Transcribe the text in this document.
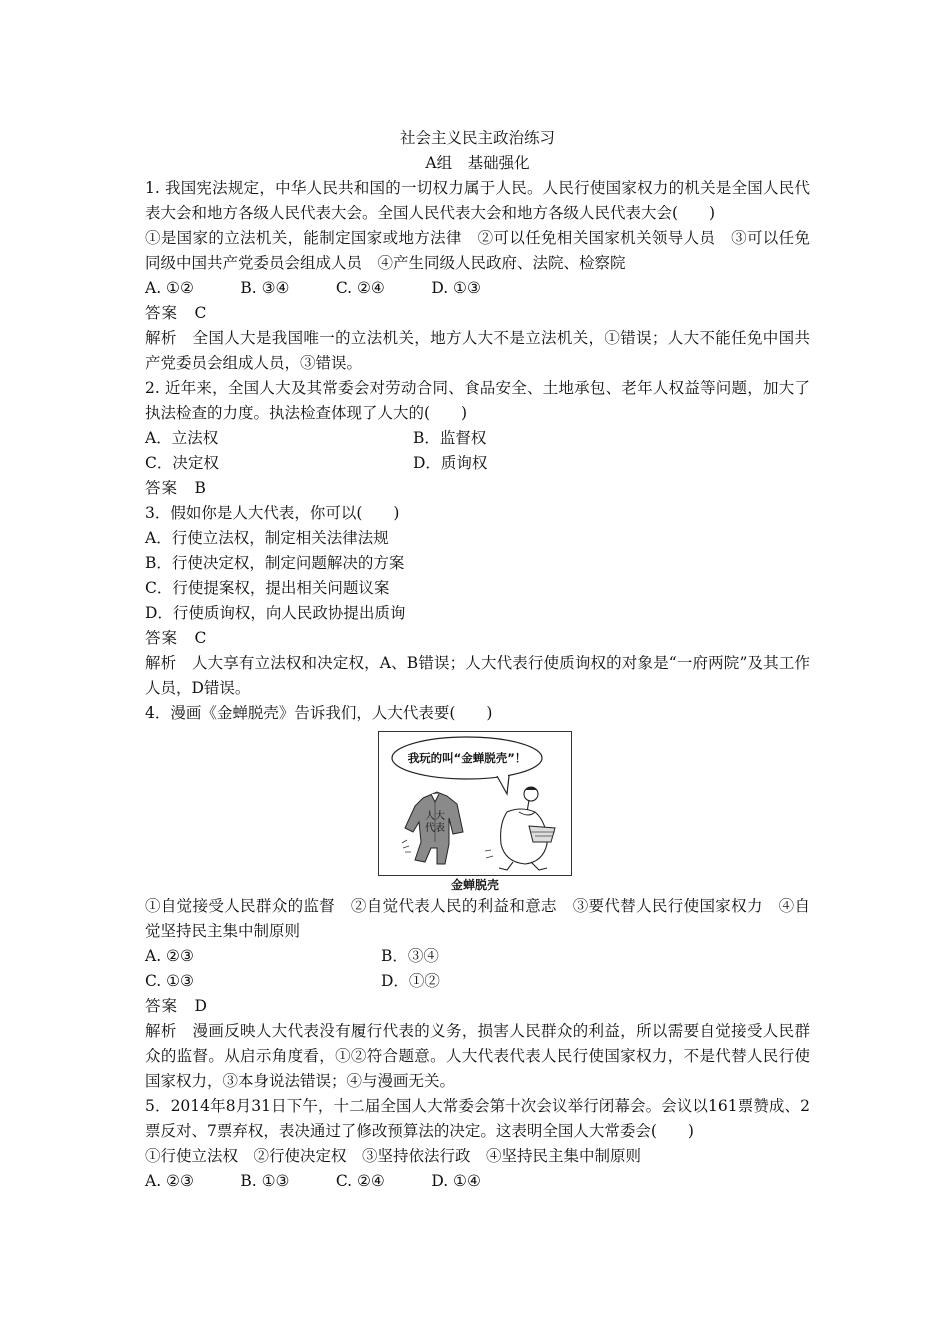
社会主义民主政治练习
A组　基础强化
1. 我国宪法规定，中华人民共和国的一切权力属于人民。人民行使国家权力的机关是全国人民代表大会和地方各级人民代表大会。全国人民代表大会和地方各级人民代表大会(　　)
①是国家的立法机关，能制定国家或地方法律　②可以任免相关国家机关领导人员　③可以任免同级中国共产党委员会组成人员　④产生同级人民政府、法院、检察院
A. ①②　　　B. ③④　　　C. ②④　　　D. ①③
答案　C
解析　全国人大是我国唯一的立法机关，地方人大不是立法机关，①错误；人大不能任免中国共产党委员会组成人员，③错误。
2. 近年来，全国人大及其常委会对劳动合同、食品安全、土地承包、老年人权益等问题，加大了执法检查的力度。执法检查体现了人大的(　　)
A．立法权	B．监督权
C．决定权	D．质询权
答案　B
3．假如你是人大代表，你可以(　　)
A．行使立法权，制定相关法律法规
B．行使决定权，制定问题解决的方案
C．行使提案权，提出相关问题议案
D．行使质询权，向人民政协提出质询
答案　C
解析　人大享有立法权和决定权，A、B错误；人大代表行使质询权的对象是“一府两院”及其工作人员，D错误。
4．漫画《金蝉脱壳》告诉我们，人大代表要(　　)
我玩的叫“金蝉脱壳”！
人大
代表
金蝉脱壳
①自觉接受人民群众的监督　②自觉代表人民的利益和意志　③要代替人民行使国家权力　④自觉坚持民主集中制原则
A. ②③	B．③④
C. ①③	D．①②
答案　D
解析　漫画反映人大代表没有履行代表的义务，损害人民群众的利益，所以需要自觉接受人民群众的监督。从启示角度看，①②符合题意。人大代表代表人民行使国家权力，不是代替人民行使国家权力，③本身说法错误；④与漫画无关。
5．2014年8月31日下午，十二届全国人大常委会第十次会议举行闭幕会。会议以161票赞成、2票反对、7票弃权，表决通过了修改预算法的决定。这表明全国人大常委会(　　)
①行使立法权　②行使决定权　③坚持依法行政　④坚持民主集中制原则
A. ②③　　　B. ①③　　　C. ②④　　　D. ①④
